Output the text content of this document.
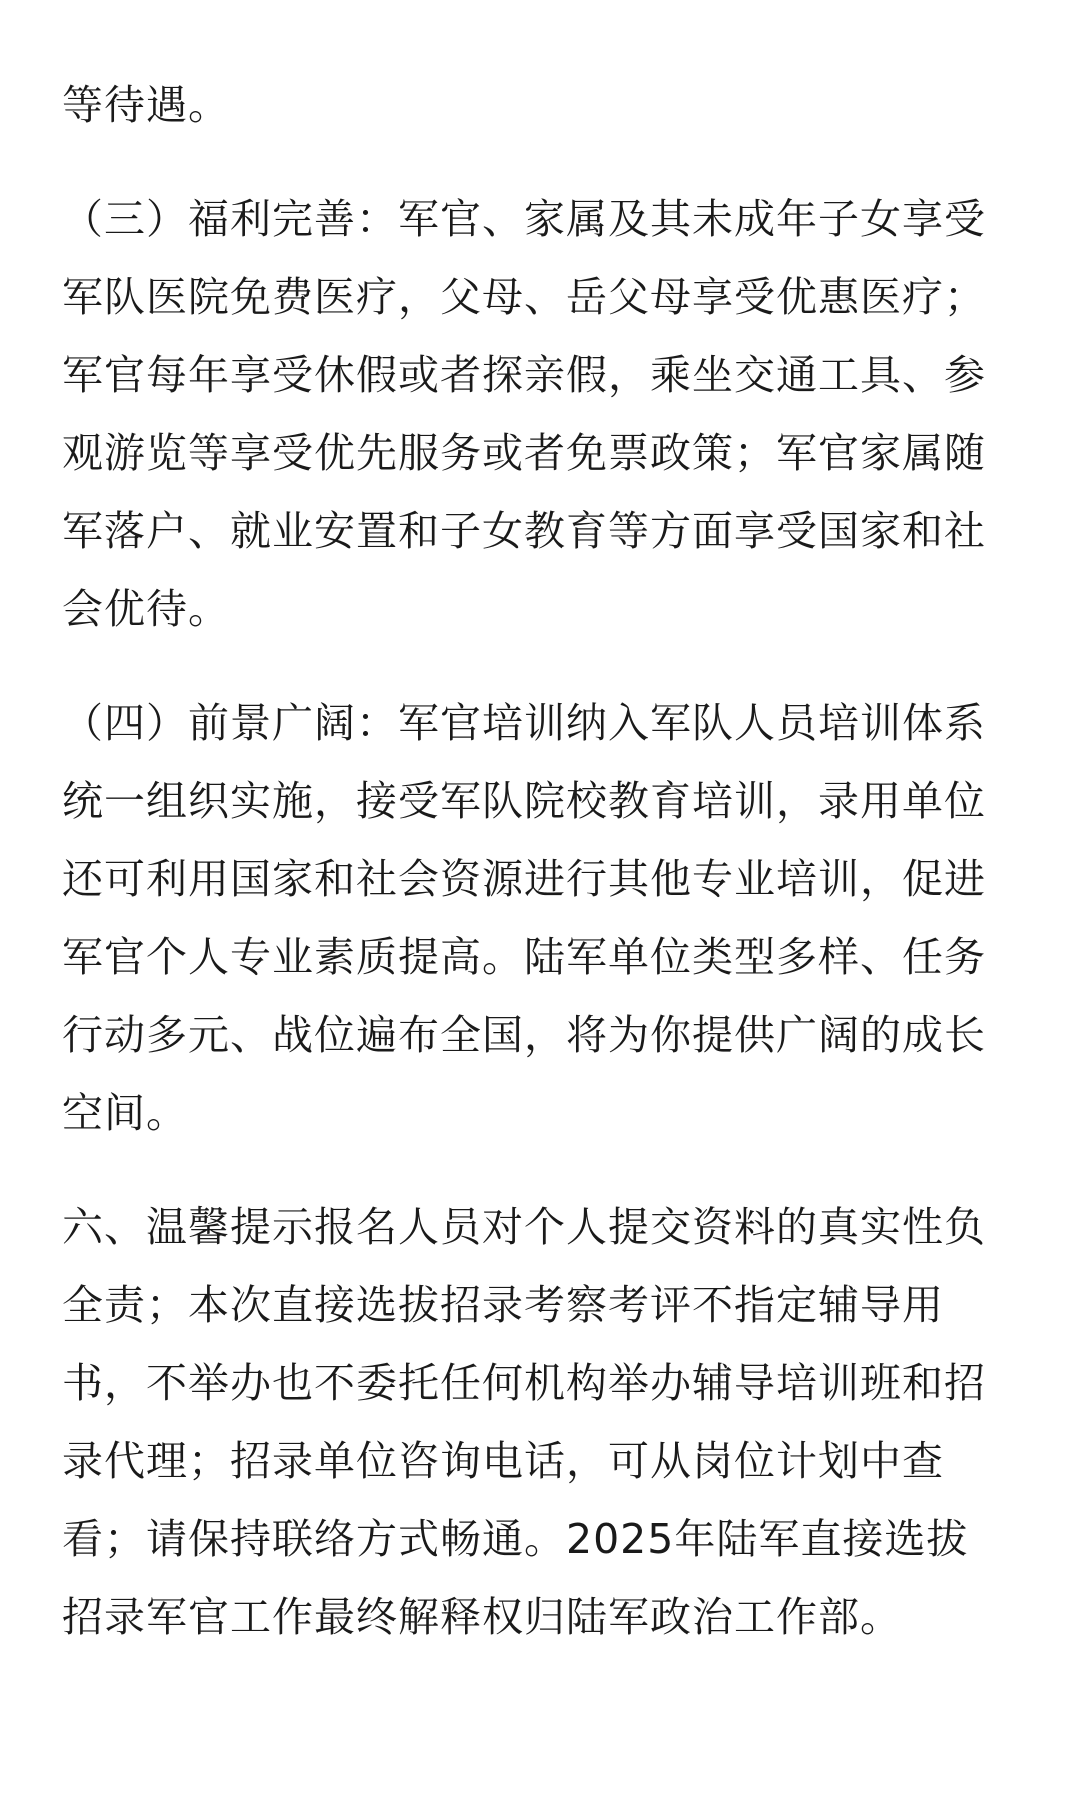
等待遇。
（三）福利完善：军官、家属及其未成年子女享受
军队医院免费医疗，父母、岳父母享受优惠医疗；
军官每年享受休假或者探亲假，乘坐交通工具、参
观游览等享受优先服务或者免票政策；军官家属随
军落户、就业安置和子女教育等方面享受国家和社
会优待。
（四）前景广阔：军官培训纳入军队人员培训体系
统一组织实施，接受军队院校教育培训，录用单位
还可利用国家和社会资源进行其他专业培训，促进
军官个人专业素质提高。陆军单位类型多样、任务
行动多元、战位遍布全国，将为你提供广阔的成长
空间。
六、温馨提示报名人员对个人提交资料的真实性负
全责；本次直接选拔招录考察考评不指定辅导用
书，不举办也不委托任何机构举办辅导培训班和招
录代理；招录单位咨询电话，可从岗位计划中查
看；请保持联络方式畅通。2025年陆军直接选拔
招录军官工作最终解释权归陆军政治工作部。
